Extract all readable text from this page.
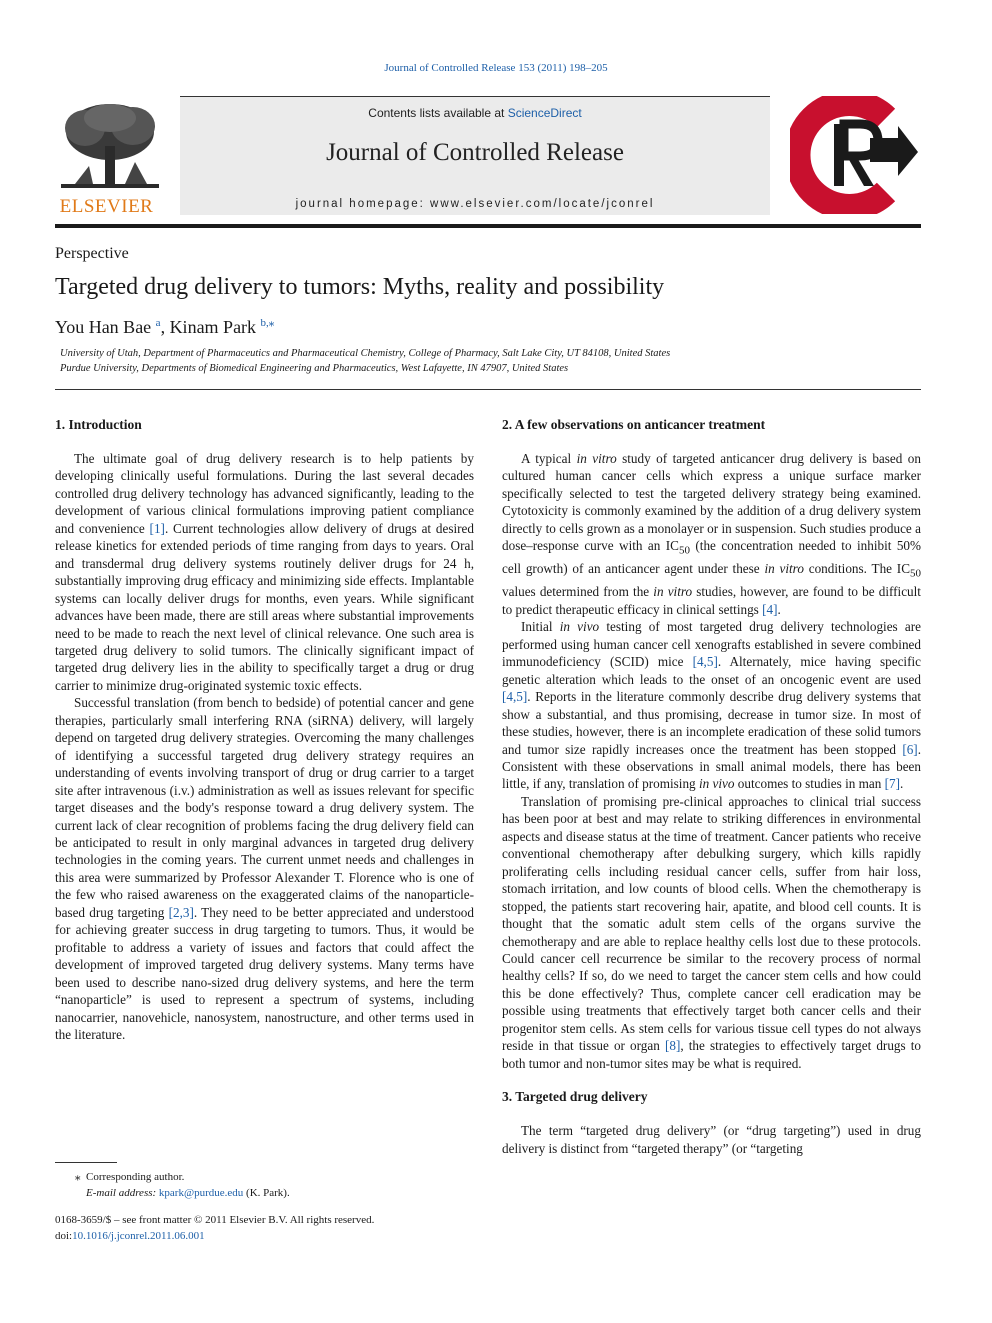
Journal of Controlled Release 153 (2011) 198–205
ELSEVIER
Contents lists available at ScienceDirect
Journal of Controlled Release
journal homepage: www.elsevier.com/locate/jconrel
Perspective
Targeted drug delivery to tumors: Myths, reality and possibility
You Han Bae $^a$, Kinam Park $^{b,⁎}$
University of Utah, Department of Pharmaceutics and Pharmaceutical Chemistry, College of Pharmacy, Salt Lake City, UT 84108, United States
Purdue University, Departments of Biomedical Engineering and Pharmaceutics, West Lafayette, IN 47907, United States
1. Introduction

The ultimate goal of drug delivery research is to help patients by developing clinically useful formulations. During the last several decades controlled drug delivery technology has advanced significantly, leading to the development of various clinical formulations improving patient compliance and convenience [1]. Current technologies allow delivery of drugs at desired release kinetics for extended periods of time ranging from days to years. Oral and transdermal drug delivery systems routinely deliver drugs for 24 h, substantially improving drug efficacy and minimizing side effects. Implantable systems can locally deliver drugs for months, even years. While significant advances have been made, there are still areas where substantial improvements need to be made to reach the next level of clinical relevance. One such area is targeted drug delivery to solid tumors. The clinically significant impact of targeted drug delivery lies in the ability to specifically target a drug or drug carrier to minimize drug-originated systemic toxic effects.

Successful translation (from bench to bedside) of potential cancer and gene therapies, particularly small interfering RNA (siRNA) delivery, will largely depend on targeted drug delivery strategies. Overcoming the many challenges of identifying a successful targeted drug delivery strategy requires an understanding of events involving transport of drug or drug carrier to a target site after intravenous (i.v.) administration as well as issues relevant for specific target diseases and the body's response toward a drug delivery system. The current lack of clear recognition of problems facing the drug delivery field can be anticipated to result in only marginal advances in targeted drug delivery technologies in the coming years. The current unmet needs and challenges in this area were summarized by Professor Alexander T. Florence who is one of the few who raised awareness on the exaggerated claims of the nanoparticle-based drug targeting [2,3]. They need to be better appreciated and understood for achieving greater success in drug targeting to tumors. Thus, it would be profitable to address a variety of issues and factors that could affect the development of improved targeted drug delivery systems. Many terms have been used to describe nano-sized drug delivery systems, and here the term “nanoparticle” is used to represent a spectrum of systems, including nanocarrier, nanovehicle, nanosystem, nanostructure, and other terms used in the literature.

2. A few observations on anticancer treatment

A typical in vitro study of targeted anticancer drug delivery is based on cultured human cancer cells which express a unique surface marker specifically selected to test the targeted delivery strategy being examined. Cytotoxicity is commonly examined by the addition of a drug delivery system directly to cells grown as a monolayer or in suspension. Such studies produce a dose–response curve with an $IC_{50}$ (the concentration needed to inhibit 50% cell growth) of an anticancer agent under these in vitro conditions. The $IC_{50}$ values determined from the in vitro studies, however, are found to be difficult to predict therapeutic efficacy in clinical settings [4].

Initial in vivo testing of most targeted drug delivery technologies are performed using human cancer cell xenografts established in severe combined immunodeficiency (SCID) mice [4,5]. Alternately, mice having specific genetic alteration which leads to the onset of an oncogenic event are used [4,5]. Reports in the literature commonly describe drug delivery systems that show a substantial, and thus promising, decrease in tumor size. In most of these studies, however, there is an incomplete eradication of these solid tumors and tumor size rapidly increases once the treatment has been stopped [6]. Consistent with these observations in small animal models, there has been little, if any, translation of promising in vivo outcomes to studies in man [7].

Translation of promising pre-clinical approaches to clinical trial success has been poor at best and may relate to striking differences in environmental aspects and disease status at the time of treatment. Cancer patients who receive conventional chemotherapy after debulking surgery, which kills rapidly proliferating cells including residual cancer cells, suffer from hair loss, stomach irritation, and low counts of blood cells. When the chemotherapy is stopped, the patients start recovering hair, apatite, and blood cell counts. It is thought that the somatic adult stem cells of the organs survive the chemotherapy and are able to replace healthy cells lost due to these protocols. Could cancer cell recurrence be similar to the recovery process of normal healthy cells? If so, do we need to target the cancer stem cells and how could this be done effectively? Thus, complete cancer cell eradication may be possible using treatments that effectively target both cancer cells and their progenitor stem cells. As stem cells for various tissue cell types do not always reside in that tissue or organ [8], the strategies to effectively target drugs to both tumor and non-tumor sites may be what is required.

3. Targeted drug delivery

The term “targeted drug delivery” (or “drug targeting”) used in drug delivery is distinct from “targeted therapy” (or “targeting

⁎ Corresponding author.
E-mail address: kpark@purdue.edu (K. Park).
0168-3659/$ – see front matter © 2011 Elsevier B.V. All rights reserved.
doi:10.1016/j.jconrel.2011.06.001
